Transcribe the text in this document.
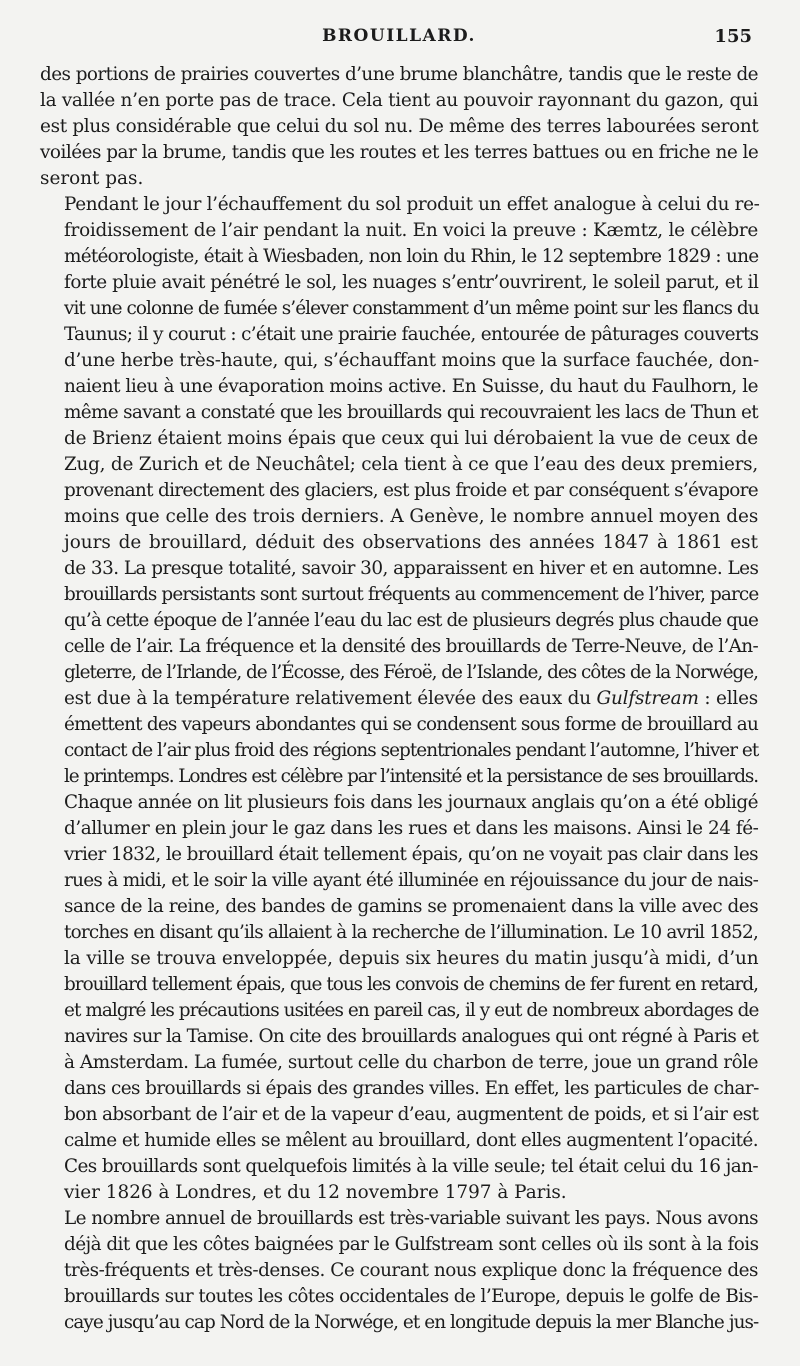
BROUILLARD.	155

des portions de prairies couvertes d’une brume blanchâtre, tandis que le reste de
la vallée n’en porte pas de trace. Cela tient au pouvoir rayonnant du gazon, qui
est plus considérable que celui du sol nu. De même des terres labourées seront
voilées par la brume, tandis que les routes et les terres battues ou en friche ne le
seront pas.

Pendant le jour l’échauffement du sol produit un effet analogue à celui du re-
froidissement de l’air pendant la nuit. En voici la preuve : Kæmtz, le célèbre
météorologiste, était à Wiesbaden, non loin du Rhin, le 12 septembre 1829 : une
forte pluie avait pénétré le sol, les nuages s’entr’ouvrirent, le soleil parut, et il
vit une colonne de fumée s’élever constamment d’un même point sur les flancs du
Taunus; il y courut : c’était une prairie fauchée, entourée de pâturages couverts
d’une herbe très-haute, qui, s’échauffant moins que la surface fauchée, don-
naient lieu à une évaporation moins active. En Suisse, du haut du Faulhorn, le
même savant a constaté que les brouillards qui recouvraient les lacs de Thun et
de Brienz étaient moins épais que ceux qui lui dérobaient la vue de ceux de
Zug, de Zurich et de Neuchâtel; cela tient à ce que l’eau des deux premiers,
provenant directement des glaciers, est plus froide et par conséquent s’évapore
moins que celle des trois derniers. A Genève, le nombre annuel moyen des
jours de brouillard, déduit des observations des années 1847 à 1861 est
de 33. La presque totalité, savoir 30, apparaissent en hiver et en automne. Les
brouillards persistants sont surtout fréquents au commencement de l’hiver, parce
qu’à cette époque de l’année l’eau du lac est de plusieurs degrés plus chaude que
celle de l’air. La fréquence et la densité des brouillards de Terre-Neuve, de l’An-
gleterre, de l’Irlande, de l’Écosse, des Féroë, de l’Islande, des côtes de la Norwége,
est due à la température relativement élevée des eaux du Gulfstream : elles
émettent des vapeurs abondantes qui se condensent sous forme de brouillard au
contact de l’air plus froid des régions septentrionales pendant l’automne, l’hiver et
le printemps. Londres est célèbre par l’intensité et la persistance de ses brouillards.
Chaque année on lit plusieurs fois dans les journaux anglais qu’on a été obligé
d’allumer en plein jour le gaz dans les rues et dans les maisons. Ainsi le 24 fé-
vrier 1832, le brouillard était tellement épais, qu’on ne voyait pas clair dans les
rues à midi, et le soir la ville ayant été illuminée en réjouissance du jour de nais-
sance de la reine, des bandes de gamins se promenaient dans la ville avec des
torches en disant qu’ils allaient à la recherche de l’illumination. Le 10 avril 1852,
la ville se trouva enveloppée, depuis six heures du matin jusqu’à midi, d’un
brouillard tellement épais, que tous les convois de chemins de fer furent en retard,
et malgré les précautions usitées en pareil cas, il y eut de nombreux abordages de
navires sur la Tamise. On cite des brouillards analogues qui ont régné à Paris et
à Amsterdam. La fumée, surtout celle du charbon de terre, joue un grand rôle
dans ces brouillards si épais des grandes villes. En effet, les particules de char-
bon absorbant de l’air et de la vapeur d’eau, augmentent de poids, et si l’air est
calme et humide elles se mêlent au brouillard, dont elles augmentent l’opacité.
Ces brouillards sont quelquefois limités à la ville seule; tel était celui du 16 jan-
vier 1826 à Londres, et du 12 novembre 1797 à Paris.

Le nombre annuel de brouillards est très-variable suivant les pays. Nous avons
déjà dit que les côtes baignées par le Gulfstream sont celles où ils sont à la fois
très-fréquents et très-denses. Ce courant nous explique donc la fréquence des
brouillards sur toutes les côtes occidentales de l’Europe, depuis le golfe de Bis-
caye jusqu’au cap Nord de la Norwége, et en longitude depuis la mer Blanche jus-
